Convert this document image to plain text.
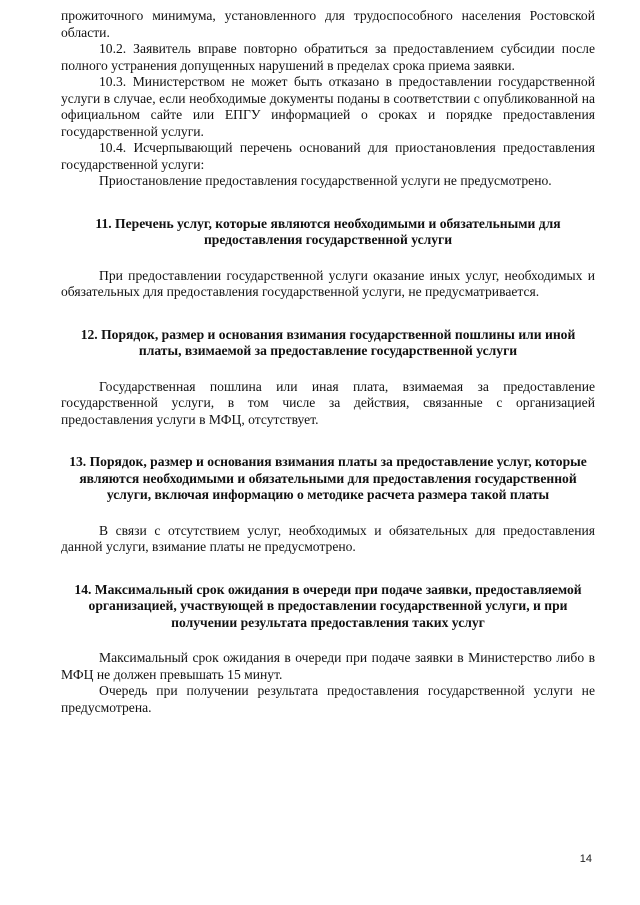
прожиточного минимума, установленного для трудоспособного населения Ростовской области.

10.2. Заявитель вправе повторно обратиться за предоставлением субсидии после полного устранения допущенных нарушений в пределах срока приема заявки.

10.3. Министерством не может быть отказано в предоставлении государственной услуги в случае, если необходимые документы поданы в соответствии с опубликованной на официальном сайте или ЕПГУ информацией о сроках и порядке предоставления государственной услуги.

10.4. Исчерпывающий перечень оснований для приостановления предоставления государственной услуги:

Приостановление предоставления государственной услуги не предусмотрено.

11. Перечень услуг, которые являются необходимыми и обязательными для предоставления государственной услуги

При предоставлении государственной услуги оказание иных услуг, необходимых и обязательных для предоставления государственной услуги, не предусматривается.

12. Порядок, размер и основания взимания государственной пошлины или иной платы, взимаемой за предоставление государственной услуги

Государственная пошлина или иная плата, взимаемая за предоставление государственной услуги, в том числе за действия, связанные с организацией предоставления услуги в МФЦ, отсутствует.

13. Порядок, размер и основания взимания платы за предоставление услуг, которые являются необходимыми и обязательными для предоставления государственной услуги, включая информацию о методике расчета размера такой платы

В связи с отсутствием услуг, необходимых и обязательных для предоставления данной услуги, взимание платы не предусмотрено.

14. Максимальный срок ожидания в очереди при подаче заявки, предоставляемой организацией, участвующей в предоставлении государственной услуги, и при получении результата предоставления таких услуг

Максимальный срок ожидания в очереди при подаче заявки в Министерство либо в МФЦ не должен превышать 15 минут.

Очередь при получении результата предоставления государственной услуги не предусмотрена.

14
